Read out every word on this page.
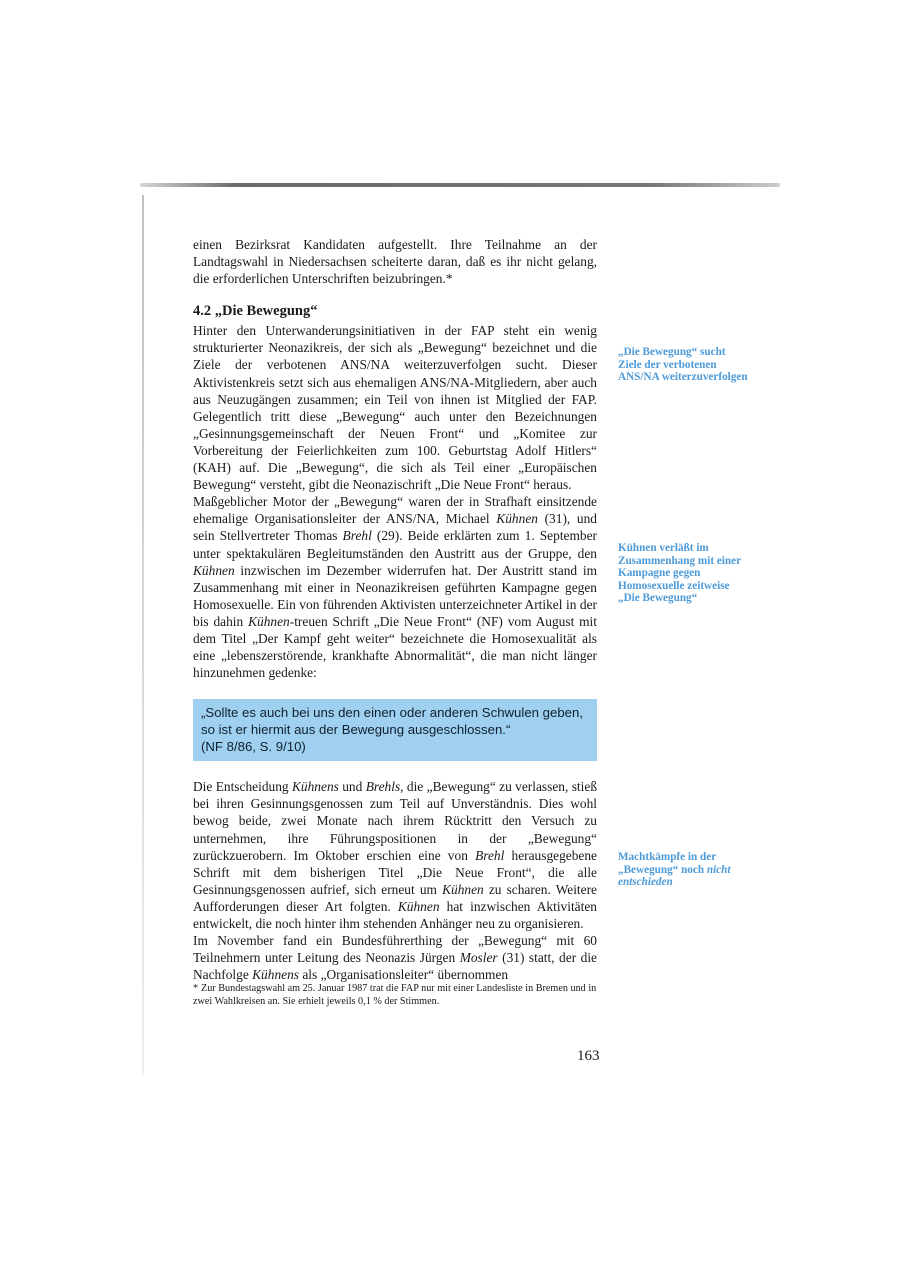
einen Bezirksrat Kandidaten aufgestellt. Ihre Teilnahme an der Landtagswahl in Niedersachsen scheiterte daran, daß es ihr nicht gelang, die erforderlichen Unterschriften beizubringen.*

4.2 „Die Bewegung“

Hinter den Unterwanderungsinitiativen in der FAP steht ein wenig strukturierter Neonazikreis, der sich als „Bewegung“ bezeichnet und die Ziele der verbotenen ANS/NA weiterzuverfolgen sucht. Dieser Aktivistenkreis setzt sich aus ehemaligen ANS/NA-Mitgliedern, aber auch aus Neuzugängen zusammen; ein Teil von ihnen ist Mitglied der FAP. Gelegentlich tritt diese „Bewegung“ auch unter den Bezeichnungen „Gesinnungsgemeinschaft der Neuen Front“ und „Komitee zur Vorbereitung der Feierlichkeiten zum 100. Geburtstag Adolf Hitlers“ (KAH) auf. Die „Bewegung“, die sich als Teil einer „Europäischen Bewegung“ versteht, gibt die Neonazischrift „Die Neue Front“ heraus.

Maßgeblicher Motor der „Bewegung“ waren der in Strafhaft einsitzende ehemalige Organisationsleiter der ANS/NA, Michael Kühnen (31), und sein Stellvertreter Thomas Brehl (29). Beide erklärten zum 1. September unter spektakulären Begleitumständen den Austritt aus der Gruppe, den Kühnen inzwischen im Dezember widerrufen hat. Der Austritt stand im Zusammenhang mit einer in Neonazikreisen geführten Kampagne gegen Homosexuelle. Ein von führenden Aktivisten unterzeichneter Artikel in der bis dahin Kühnen-treuen Schrift „Die Neue Front“ (NF) vom August mit dem Titel „Der Kampf geht weiter“ bezeichnete die Homosexualität als eine „lebenszerstörende, krankhafte Abnormalität“, die man nicht länger hinzunehmen gedenke:

„Sollte es auch bei uns den einen oder anderen Schwulen geben, so ist er hiermit aus der Bewegung ausgeschlossen.“
(NF 8/86, S. 9/10)

Die Entscheidung Kühnens und Brehls, die „Bewegung“ zu verlassen, stieß bei ihren Gesinnungsgenossen zum Teil auf Unverständnis. Dies wohl bewog beide, zwei Monate nach ihrem Rücktritt den Versuch zu unternehmen, ihre Führungspositionen in der „Bewegung“ zurückzuerobern. Im Oktober erschien eine von Brehl herausgegebene Schrift mit dem bisherigen Titel „Die Neue Front“, die alle Gesinnungsgenossen aufrief, sich erneut um Kühnen zu scharen. Weitere Aufforderungen dieser Art folgten. Kühnen hat inzwischen Aktivitäten entwickelt, die noch hinter ihm stehenden Anhänger neu zu organisieren.

Im November fand ein Bundesführerthing der „Bewegung“ mit 60 Teilnehmern unter Leitung des Neonazis Jürgen Mosler (31) statt, der die Nachfolge Kühnens als „Organisationsleiter“ übernommen

* Zur Bundestagswahl am 25. Januar 1987 trat die FAP nur mit einer Landesliste in Bremen und in zwei Wahlkreisen an. Sie erhielt jeweils 0,1 % der Stimmen.

„Die Bewegung“ sucht Ziele der verbotenen ANS/NA weiterzuverfolgen
Kühnen verläßt im Zusammenhang mit einer Kampagne gegen Homosexuelle zeitweise „Die Bewegung“
Machtkämpfe in der „Bewegung“ noch nicht entschieden
163
